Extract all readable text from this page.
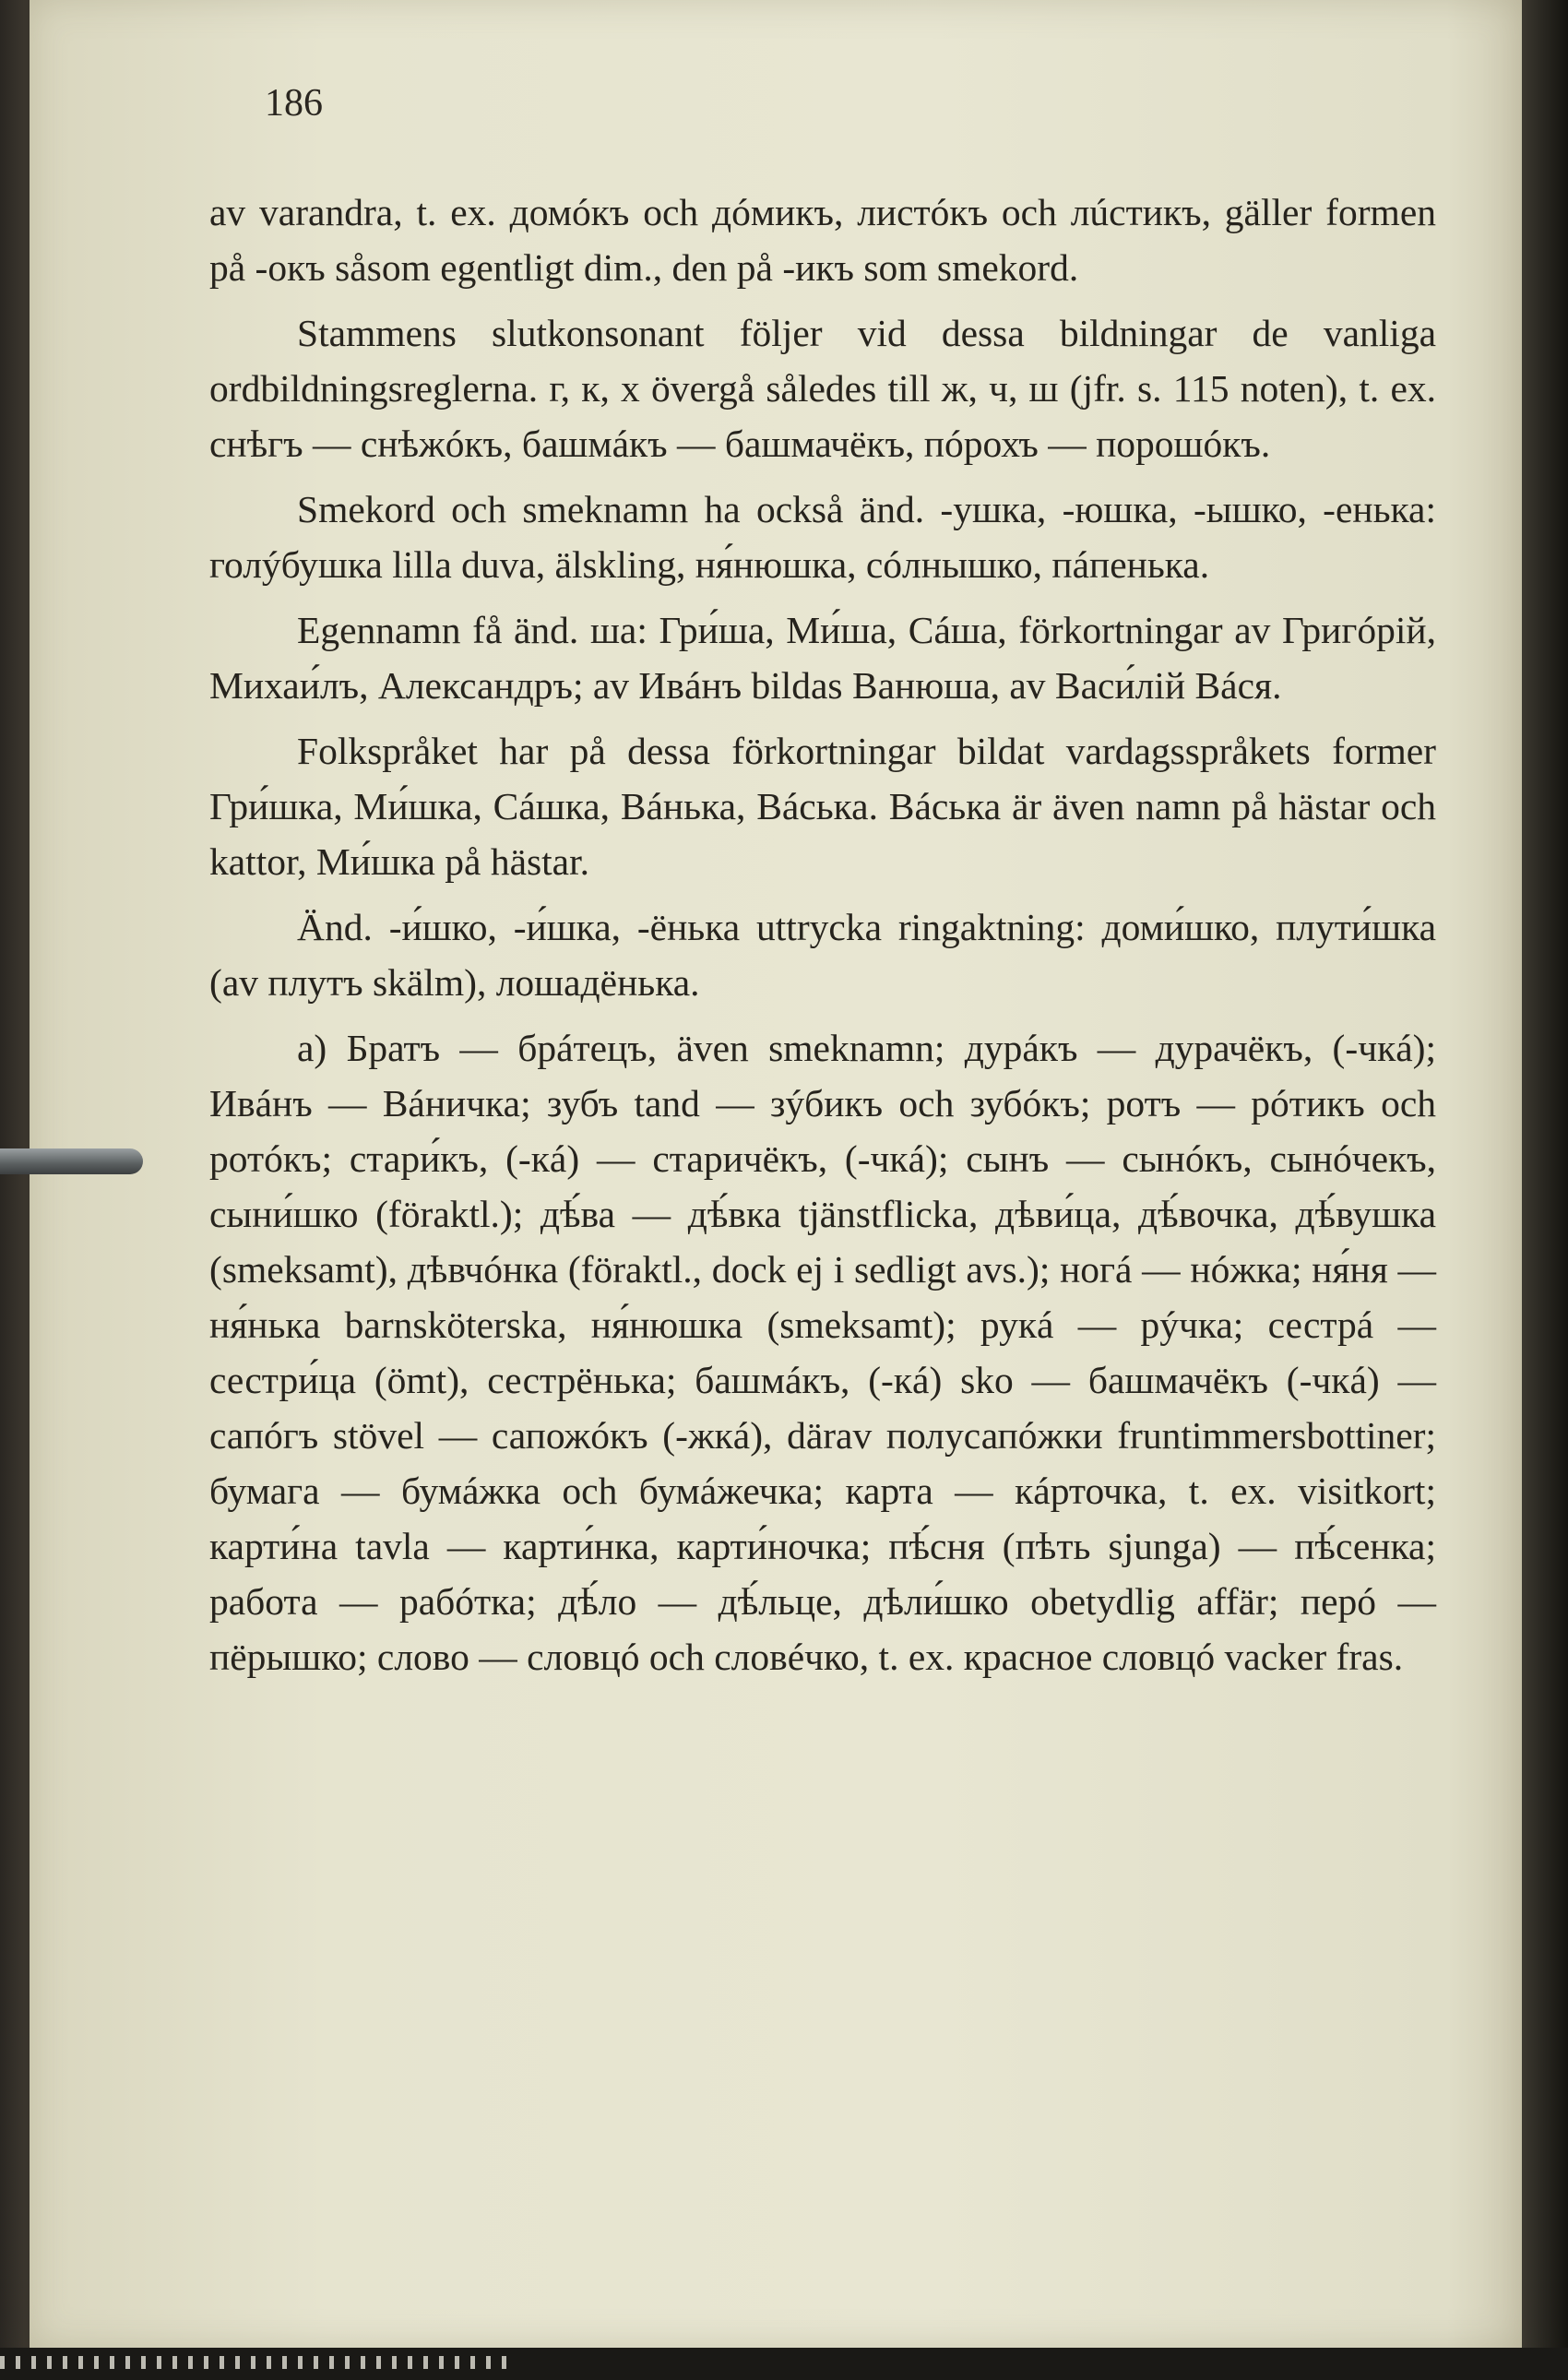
186

av varandra, t. ex. домóкъ och дóмикъ, листóкъ och лúстикъ, gäller formen på -окъ såsom egentligt dim., den på -икъ som smekord.

Stammens slutkonsonant följer vid dessa bildningar de vanliga ordbildningsreglerna. г, к, х övergå således till ж, ч, ш (jfr. s. 115 noten), t. ex. снѣгъ — снѣжóкъ, башмáкъ — башмачёкъ, пóрохъ — порошóкъ.

Smekord och smeknamn ha också änd. -ушка, -юшка, -ышко, -енька: голýбушка lilla duva, älskling, ня́нюшка, сóлнышко, пáпенька.

Egennamn få änd. ша: Гри́ша, Ми́ша, Сáша, förkortningar av Григóрiй, Михаи́лъ, Александръ; av Ивáнъ bildas Ванюша, av Васи́лiй Вáся.

Folkspråket har på dessa förkortningar bildat vardagsspråkets former Гри́шка, Ми́шка, Сáшка, Вáнька, Вáська. Вáська är även namn på hästar och kattor, Ми́шка på hästar.

Änd. -и́шко, -и́шка, -ёнька uttrycka ringaktning: доми́шко, плути́шка (av плутъ skälm), лошадёнька.

a) Братъ — брáтецъ, även smeknamn; дурáкъ — дурачёкъ, (-чкá); Ивáнъ — Вáничка; зубъ tand — зýбикъ och зубóкъ; ротъ — рóтикъ och ротóкъ; стари́къ, (-кá) — старичёкъ, (-чкá); сынъ — сынóкъ, сынóчекъ, сыни́шко (föraktl.); дѣ́ва — дѣ́вка tjänstflicka, дѣви́ца, дѣ́вочка, дѣ́вушка (smeksamt), дѣвчóнка (föraktl., dock ej i sedligt avs.); ногá — нóжка; ня́ня — ня́нька barnsköterska, ня́нюшка (smeksamt); рукá — рýчка; сестрá — сестри́ца (ömt), сестрёнька; башмáкъ, (-кá) sko — башмачёкъ (-чкá) — сапóгъ stövel — сапожóкъ (-жкá), därav полусапóжки fruntimmersbottiner; бумага — бумáжка och бумáжечка; карта — кáрточка, t. ex. visitkort; карти́на tavla — карти́нка, карти́ночка; пѣ́сня (пѣть sjunga) — пѣ́сенка; работа — рабóтка; дѣ́ло — дѣ́льце, дѣли́шко obetydlig affär; перó — пёрышко; слово — словцó och словéчко, t. ex. красное словцó vacker fras.
